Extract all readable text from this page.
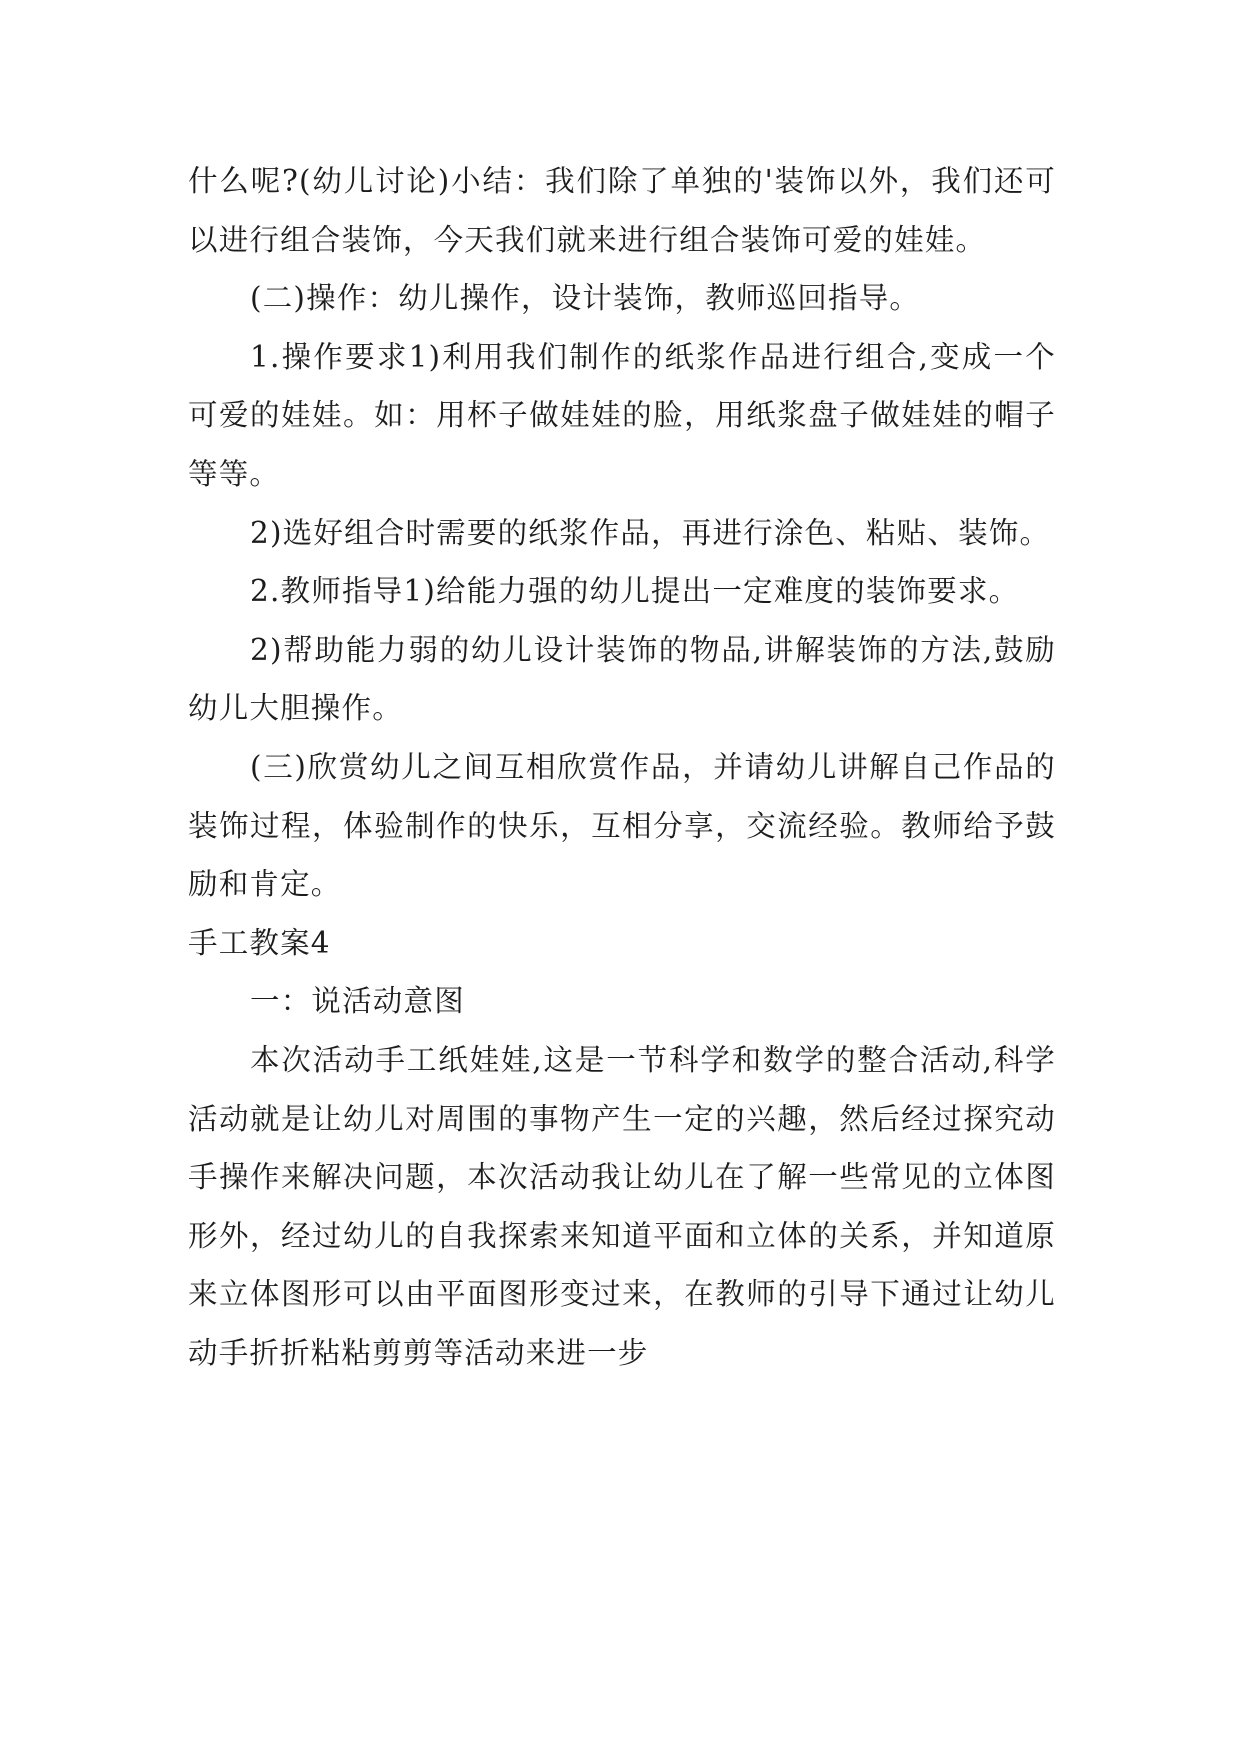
什么呢?(幼儿讨论)小结：我们除了单独的'装饰以外，我们还可以进行组合装饰，今天我们就来进行组合装饰可爱的娃娃。

(二)操作：幼儿操作，设计装饰，教师巡回指导。

1.操作要求1)利用我们制作的纸浆作品进行组合,变成一个可爱的娃娃。如：用杯子做娃娃的脸，用纸浆盘子做娃娃的帽子等等。

2)选好组合时需要的纸浆作品，再进行涂色、粘贴、装饰。

2.教师指导1)给能力强的幼儿提出一定难度的装饰要求。

2)帮助能力弱的幼儿设计装饰的物品,讲解装饰的方法,鼓励幼儿大胆操作。

(三)欣赏幼儿之间互相欣赏作品，并请幼儿讲解自己作品的装饰过程，体验制作的快乐，互相分享，交流经验。教师给予鼓励和肯定。

手工教案4

一：说活动意图

本次活动手工纸娃娃,这是一节科学和数学的整合活动,科学活动就是让幼儿对周围的事物产生一定的兴趣，然后经过探究动手操作来解决问题，本次活动我让幼儿在了解一些常见的立体图形外，经过幼儿的自我探索来知道平面和立体的关系，并知道原来立体图形可以由平面图形变过来，在教师的引导下通过让幼儿动手折折粘粘剪剪等活动来进一步
